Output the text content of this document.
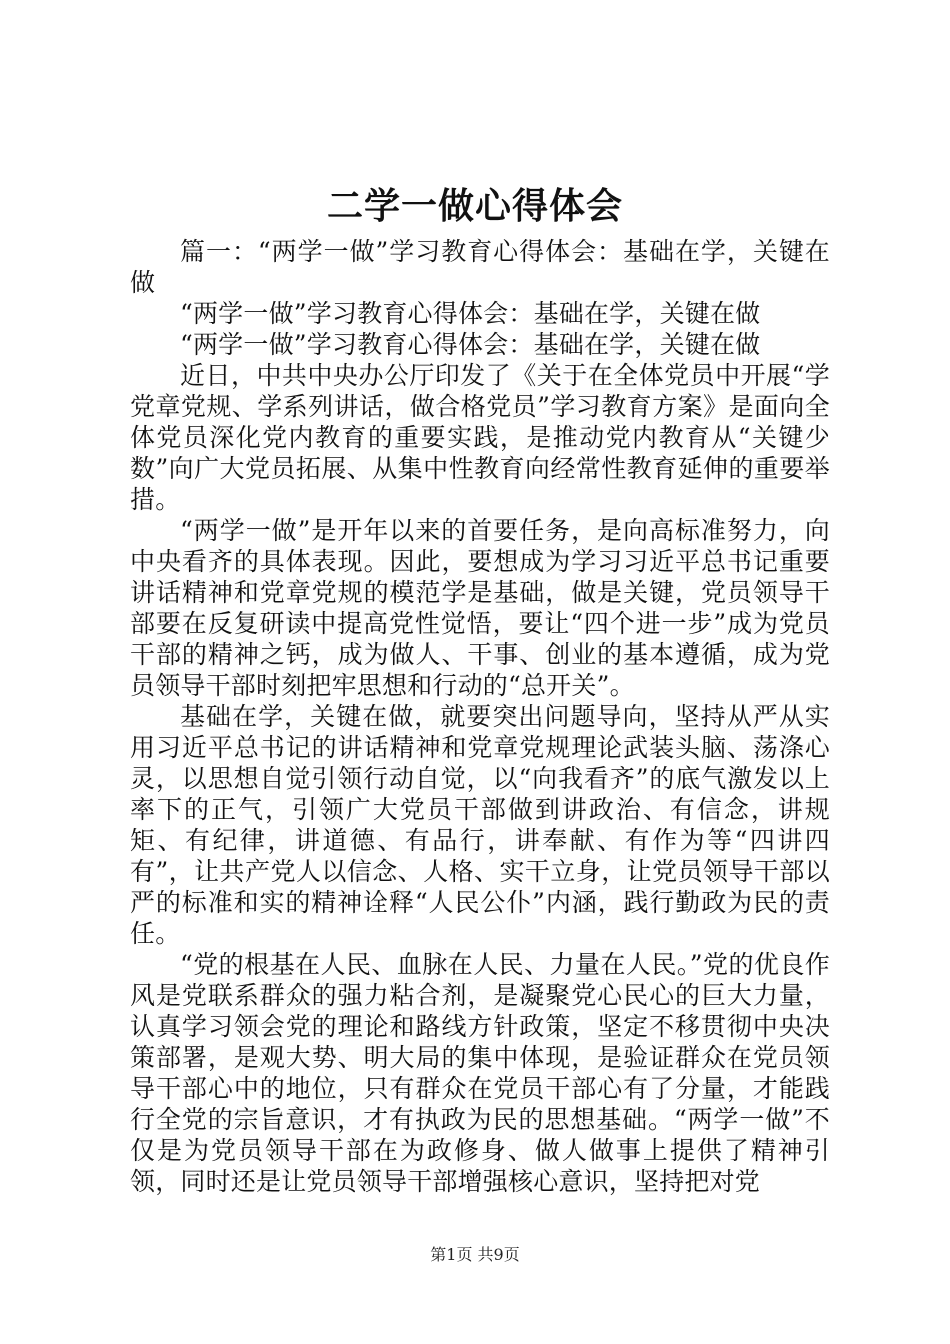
二学一做心得体会

篇一：“两学一做”学习教育心得体会：基础在学，关键在做

“两学一做”学习教育心得体会：基础在学，关键在做

“两学一做”学习教育心得体会：基础在学，关键在做

近日，中共中央办公厅印发了《关于在全体党员中开展“学党章党规、学系列讲话，做合格党员”学习教育方案》是面向全体党员深化党内教育的重要实践，是推动党内教育从“关键少数”向广大党员拓展、从集中性教育向经常性教育延伸的重要举措。

“两学一做”是开年以来的首要任务，是向高标准努力，向中央看齐的具体表现。因此，要想成为学习习近平总书记重要讲话精神和党章党规的模范学是基础，做是关键，党员领导干部要在反复研读中提高党性觉悟，要让“四个进一步”成为党员干部的精神之钙，成为做人、干事、创业的基本遵循，成为党员领导干部时刻把牢思想和行动的“总开关”。

基础在学，关键在做，就要突出问题导向，坚持从严从实用习近平总书记的讲话精神和党章党规理论武装头脑、荡涤心灵，以思想自觉引领行动自觉，以“向我看齐”的底气激发以上率下的正气，引领广大党员干部做到讲政治、有信念，讲规矩、有纪律，讲道德、有品行，讲奉献、有作为等“四讲四有”，让共产党人以信念、人格、实干立身，让党员领导干部以严的标准和实的精神诠释“人民公仆”内涵，践行勤政为民的责任。

“党的根基在人民、血脉在人民、力量在人民。”党的优良作风是党联系群众的强力粘合剂，是凝聚党心民心的巨大力量，认真学习领会党的理论和路线方针政策，坚定不移贯彻中央决策部署，是观大势、明大局的集中体现，是验证群众在党员领导干部心中的地位，只有群众在党员干部心有了分量，才能践行全党的宗旨意识，才有执政为民的思想基础。“两学一做”不仅是为党员领导干部在为政修身、做人做事上提供了精神引领，同时还是让党员领导干部增强核心意识，坚持把对党

第1页 共9页
